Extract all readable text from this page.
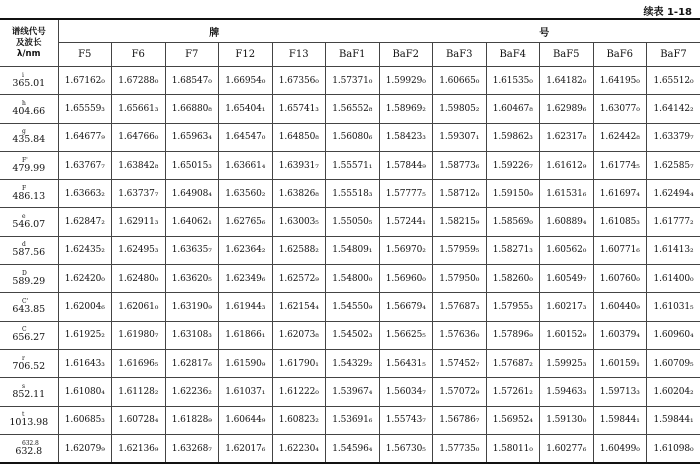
续表 1-18
谱线代号
及波长
λ/nm	牌 号											
	F5	F6	F7	F12	F13	BaF1	BaF2	BaF3	BaF4	BaF5	BaF6	BaF7

i
365.01	1.67162₀	1.67288₀	1.68547₀	1.66954₀	1.67356₀	1.57371₀	1.59929₀	1.60665₀	1.61535₀	1.64182₀	1.64195₀	1.65512₀

h
404.66	1.65559₃	1.65661₃	1.66880₈	1.65404₁	1.65741₃	1.56552₈	1.58969₂	1.59805₂	1.60467₈	1.62989₆	1.63077₀	1.64142₂

g
435.84	1.64677₉	1.64766₀	1.65963₄	1.64547₀	1.64850₈	1.56080₆	1.58423₃	1.59307₁	1.59862₃	1.62317₈	1.62442₈	1.63379₇

F'
479.99	1.63767₇	1.63842₈	1.65015₃	1.63661₄	1.63931₇	1.55571₁	1.57844₉	1.58773₆	1.59226₇	1.61612₉	1.61774₅	1.62585₇

F
486.13	1.63663₂	1.63737₇	1.64908₄	1.63560₂	1.63826₈	1.55518₃	1.57777₅	1.58712₀	1.59150₉	1.61531₆	1.61697₄	1.62494₄

e
546.07	1.62847₂	1.62911₃	1.64062₁	1.62765₆	1.63003₅	1.55050₅	1.57244₁	1.58215₉	1.58569₀	1.60889₄	1.61085₃	1.61777₂

d
587.56	1.62435₂	1.62495₃	1.63635₇	1.62364₂	1.62588₂	1.54809₁	1.56970₂	1.57959₅	1.58271₃	1.60562₀	1.60771₆	1.61413₂

D
589.29	1.62420₀	1.62480₀	1.63620₅	1.62349₆	1.62572₉	1.54800₀	1.56960₀	1.57950₀	1.58260₀	1.60549₇	1.60760₀	1.61400₀

C'
643.85	1.62004₆	1.62061₀	1.63190₉	1.61944₃	1.62154₄	1.54550₉	1.56679₄	1.57687₃	1.57955₃	1.60217₃	1.60440₉	1.61031₅

C
656.27	1.61925₂	1.61980₇	1.63108₃	1.61866₁	1.62073₈	1.54502₃	1.56625₅	1.57636₀	1.57896₉	1.60152₉	1.60379₄	1.60960₄

r
706.52	1.61643₃	1.61696₅	1.62817₆	1.61590₉	1.61790₁	1.54329₂	1.56431₅	1.57452₇	1.57687₂	1.59925₃	1.60159₁	1.60709₅

s
852.11	1.61080₄	1.61128₂	1.62236₂	1.61037₁	1.61222₀	1.53967₄	1.56034₇	1.57072₉	1.57261₂	1.59463₃	1.59713₃	1.60204₂

t
1013.98	1.60685₃	1.60728₄	1.61828₉	1.60644₉	1.60823₂	1.53691₆	1.55743₇	1.56786₇	1.56952₄	1.59130₀	1.59844₁	1.59844₁

632.8
632.8	1.62079₉	1.62136₉	1.63268₇	1.62017₆	1.62230₄	1.54596₄	1.56730₅	1.57735₀	1.58011₀	1.60277₆	1.60499₀	1.61098₀
